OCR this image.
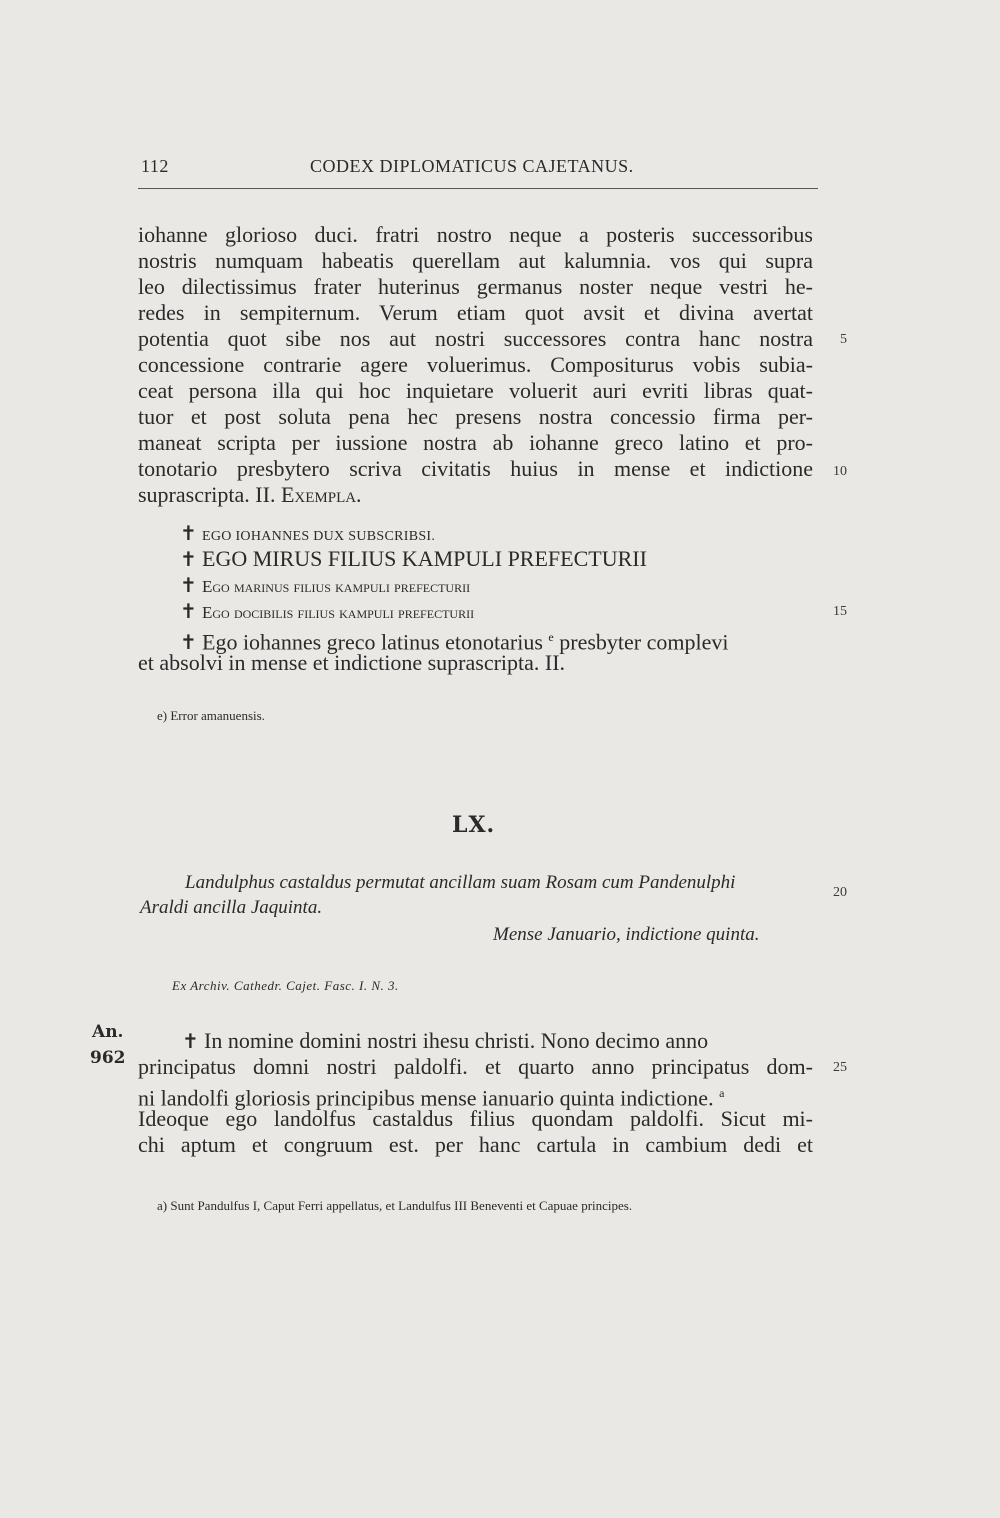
112	CODEX DIPLOMATICUS CAJETANUS.
iohanne glorioso duci. fratri nostro neque a posteris successoribus
nostris numquam habeatis querellam aut kalumnia. vos qui supra
leo dilectissimus frater huterinus germanus noster neque vestri he-
redes in sempiternum. Verum etiam quot avsit et divina avertat
potentia quot sibe nos aut nostri successores contra hanc nostra
concessione contrarie agere voluerimus. Compositurus vobis subia-
ceat persona illa qui hoc inquietare voluerit auri evriti libras quat-
tuor et post soluta pena hec presens nostra concessio firma per-
maneat scripta per iussione nostra ab iohanne greco latino et pro-
tonotario presbytero scriva civitatis huius in mense et indictione
suprascripta. II. Exempla.
✝ EGO IOHANNES DUX SUBSCRIBSI.
✝ EGO MIRUS FILIUS KAMPULI PREFECTURII
✝ Ego marinus filius kampuli prefecturii
✝ Ego docibilis filius kampuli prefecturii
✝ Ego iohannes greco latinus etonotarius $^e$ presbyter complevi
et absolvi in mense et indictione suprascripta. II.
e) Error amanuensis.
LX.
Landulphus castaldus permutat ancillam suam Rosam cum Pandenulphi
Araldi ancilla Jaquinta.
Mense Januario, indictione quinta.
Ex Archiv. Cathedr. Cajet. Fasc. I. N. 3.
An.
962
✝ In nomine domini nostri ihesu christi. Nono decimo anno
principatus domni nostri paldolfi. et quarto anno principatus dom-
ni landolfi gloriosis principibus mense ianuario quinta indictione. $^a$
Ideoque ego landolfus castaldus filius quondam paldolfi. Sicut mi-
chi aptum et congruum est. per hanc cartula in cambium dedi et
a) Sunt Pandulfus I, Caput Ferri appellatus, et Landulfus III Beneventi et Capuae principes.
5
10
15
20
25
